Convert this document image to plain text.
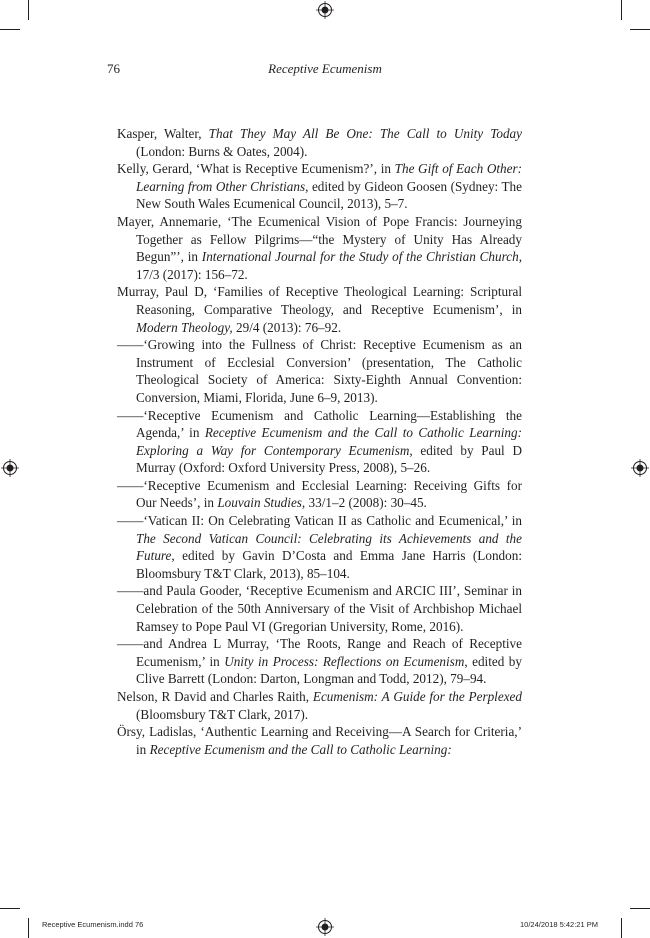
76	Receptive Ecumenism
Kasper, Walter, That They May All Be One: The Call to Unity Today (London: Burns & Oates, 2004).
Kelly, Gerard, ‘What is Receptive Ecumenism?’, in The Gift of Each Other: Learning from Other Christians, edited by Gideon Goosen (Sydney: The New South Wales Ecumenical Council, 2013), 5–7.
Mayer, Annemarie, ‘The Ecumenical Vision of Pope Francis: Journeying Together as Fellow Pilgrims—“the Mystery of Unity Has Already Begun”’, in International Journal for the Study of the Christian Church, 17/3 (2017): 156–72.
Murray, Paul D, ‘Families of Receptive Theological Learning: Scriptural Reasoning, Comparative Theology, and Receptive Ecumenism’, in Modern Theology, 29/4 (2013): 76–92.
——‘Growing into the Fullness of Christ: Receptive Ecumenism as an Instrument of Ecclesial Conversion’ (presentation, The Catholic Theological Society of America: Sixty-Eighth Annual Convention: Conversion, Miami, Florida, June 6–9, 2013).
——‘Receptive Ecumenism and Catholic Learning—Establishing the Agenda,’ in Receptive Ecumenism and the Call to Catholic Learning: Exploring a Way for Contemporary Ecumenism, edited by Paul D Murray (Oxford: Oxford University Press, 2008), 5–26.
——‘Receptive Ecumenism and Ecclesial Learning: Receiving Gifts for Our Needs’, in Louvain Studies, 33/1–2 (2008): 30–45.
——‘Vatican II: On Celebrating Vatican II as Catholic and Ecumenical,’ in The Second Vatican Council: Celebrating its Achievements and the Future, edited by Gavin D’Costa and Emma Jane Harris (London: Bloomsbury T&T Clark, 2013), 85–104.
——and Paula Gooder, ‘Receptive Ecumenism and ARCIC III’, Seminar in Celebration of the 50th Anniversary of the Visit of Archbishop Michael Ramsey to Pope Paul VI (Gregorian University, Rome, 2016).
——and Andrea L Murray, ‘The Roots, Range and Reach of Receptive Ecumenism,’ in Unity in Process: Reflections on Ecumenism, edited by Clive Barrett (London: Darton, Longman and Todd, 2012), 79–94.
Nelson, R David and Charles Raith, Ecumenism: A Guide for the Perplexed (Bloomsbury T&T Clark, 2017).
Örsy, Ladislas, ‘Authentic Learning and Receiving—A Search for Criteria,’ in Receptive Ecumenism and the Call to Catholic Learning:
Receptive Ecumenism.indd 76	10/24/2018 5:42:21 PM
